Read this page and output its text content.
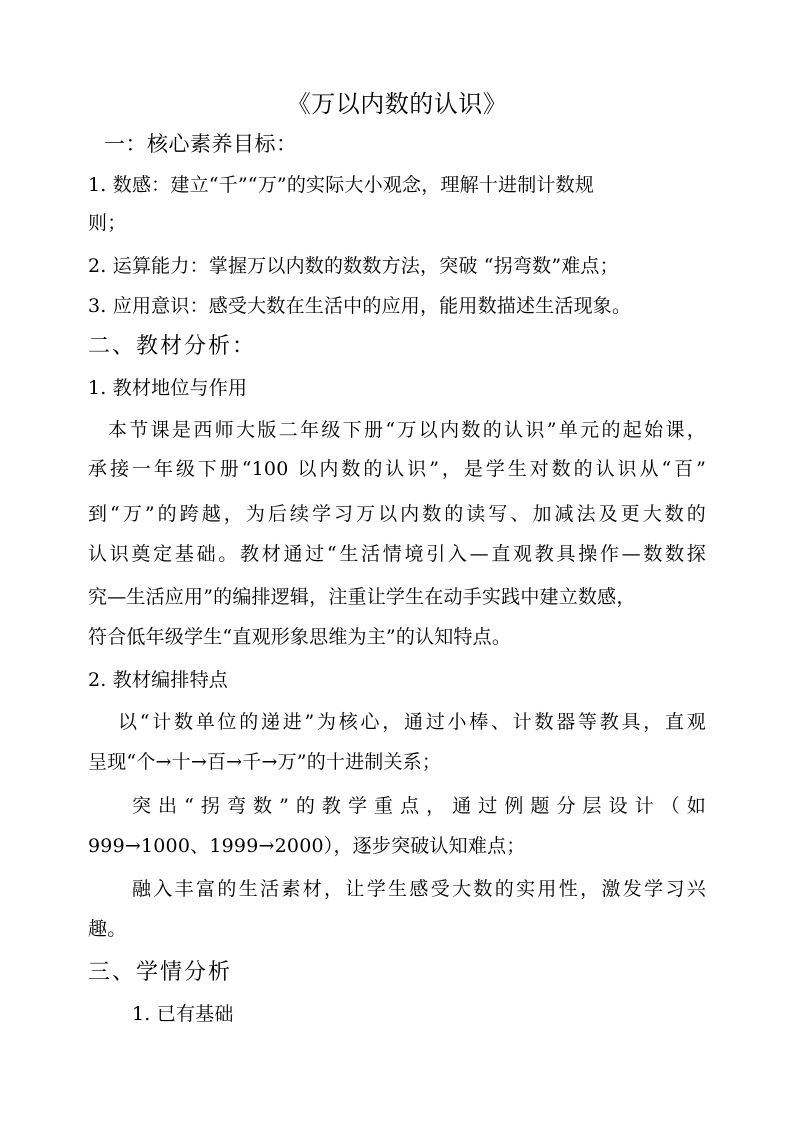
《万以内数的认识》
一：核心素养目标：
1. 数感：建立“千”“万”的实际大小观念，理解十进制计数规
则；
2. 运算能力：掌握万以内数的数数方法，突破 “拐弯数”难点；
3. 应用意识：感受大数在生活中的应用，能用数描述生活现象。
二、教材分析：
1. 教材地位与作用
本节课是西师大版二年级下册“万以内数的认识”单元的起始课，
承接一年级下册“100 以内数的认识”，是学生对数的认识从“百”
到“万”的跨越，为后续学习万以内数的读写、加减法及更大数的
认识奠定基础。教材通过“生活情境引入—直观教具操作—数数探
究—生活应用”的编排逻辑，注重让学生在动手实践中建立数感，
符合低年级学生“直观形象思维为主”的认知特点。
2. 教材编排特点
以“计数单位的递进”为核心，通过小棒、计数器等教具，直观
呈现“个→十→百→千→万”的十进制关系；
突出“拐弯数”的教学重点，通过例题分层设计（如
999→1000、1999→2000），逐步突破认知难点；
融入丰富的生活素材，让学生感受大数的实用性，激发学习兴
趣。
三、学情分析
1. 已有基础
